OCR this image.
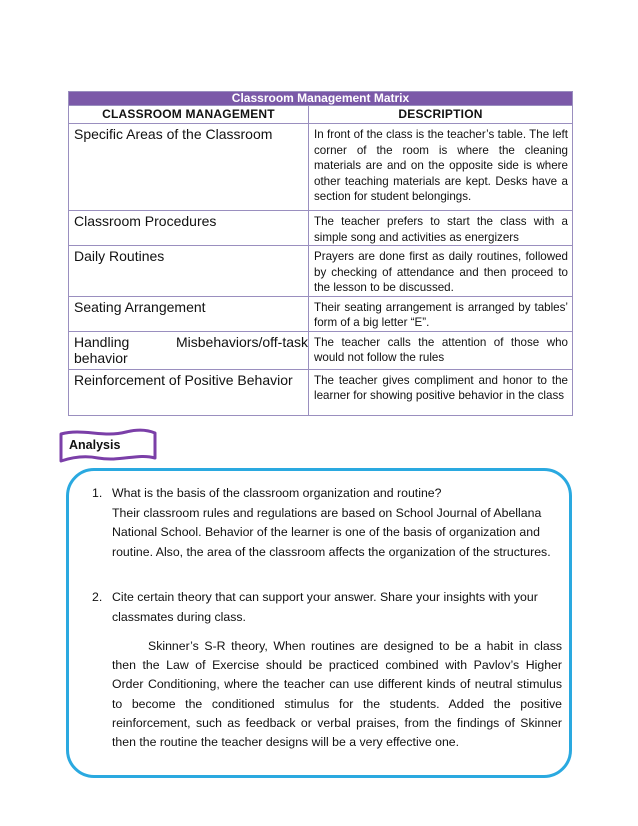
Classroom Management Matrix	
CLASSROOM MANAGEMENT	DESCRIPTION
Specific Areas of the Classroom	In front of the class is the teacher’s table. The left corner of the room is where the cleaning materials are and on the opposite side is where other teaching materials are kept. Desks have a section for student belongings.
Classroom Procedures	The teacher prefers to start the class with a simple song and activities as energizers
Daily Routines	Prayers are done first as daily routines, followed by checking of attendance and then proceed to the lesson to be discussed.
Seating Arrangement	Their seating arrangement is arranged by tables’ form of a big letter “E”.
Handling Misbehaviors/off-task behavior	The teacher calls the attention of those who would not follow the rules
Reinforcement of Positive Behavior	The teacher gives compliment and honor to the learner for showing positive behavior in the class
Analysis
1. What is the basis of the classroom organization and routine?
Their classroom rules and regulations are based on School Journal of Abellana National School. Behavior of the learner is one of the basis of organization and routine. Also, the area of the classroom affects the organization of the structures.
2. Cite certain theory that can support your answer. Share your insights with your classmates during class.

Skinner’s S-R theory, When routines are designed to be a habit in class then the Law of Exercise should be practiced combined with Pavlov’s Higher Order Conditioning, where the teacher can use different kinds of neutral stimulus to become the conditioned stimulus for the students. Added the positive reinforcement, such as feedback or verbal praises, from the findings of Skinner then the routine the teacher designs will be a very effective one.
